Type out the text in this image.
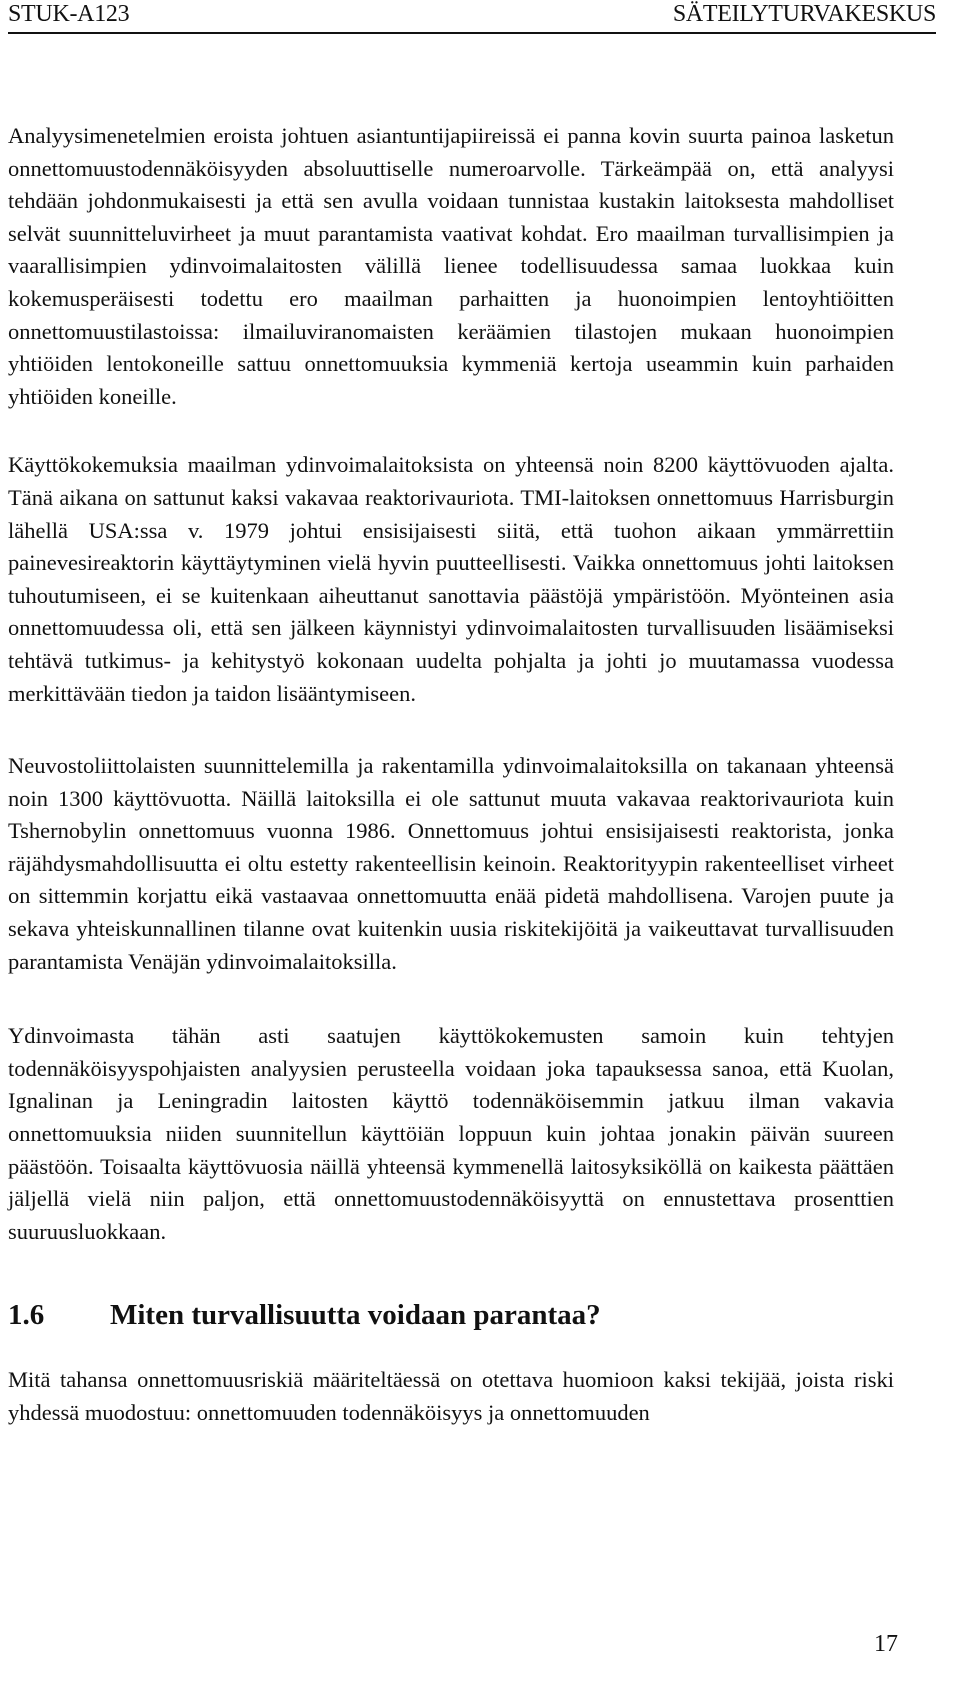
STUK-A123	SÄTEILYTURVAKESKUS

Analyysimenetelmien eroista johtuen asiantuntijapiireissä ei panna kovin suurta painoa lasketun onnettomuustodennäköisyyden absoluuttiselle numeroarvolle. Tärkeämpää on, että analyysi tehdään johdonmukaisesti ja että sen avulla voidaan tunnistaa kustakin laitoksesta mahdolliset selvät suunnitteluvirheet ja muut parantamista vaativat kohdat. Ero maailman turvallisimpien ja vaarallisimpien ydinvoimalaitosten välillä lienee todellisuudessa samaa luokkaa kuin kokemusperäisesti todettu ero maailman parhaitten ja huonoimpien lentoyhtiöitten onnettomuustilastoissa: ilmailuviranomaisten keräämien tilastojen mukaan huonoimpien yhtiöiden lentokoneille sattuu onnettomuuksia kymmeniä kertoja useammin kuin parhaiden yhtiöiden koneille.

Käyttökokemuksia maailman ydinvoimalaitoksista on yhteensä noin 8200 käyttövuoden ajalta. Tänä aikana on sattunut kaksi vakavaa reaktorivauriota. TMI-laitoksen onnettomuus Harrisburgin lähellä USA:ssa v. 1979 johtui ensisijaisesti siitä, että tuohon aikaan ymmärrettiin painevesireaktorin käyttäytyminen vielä hyvin puutteellisesti. Vaikka onnettomuus johti laitoksen tuhoutumiseen, ei se kuitenkaan aiheuttanut sanottavia päästöjä ympäristöön. Myönteinen asia onnettomuudessa oli, että sen jälkeen käynnistyi ydinvoimalaitosten turvallisuuden lisäämiseksi tehtävä tutkimus- ja kehitystyö kokonaan uudelta pohjalta ja johti jo muutamassa vuodessa merkittävään tiedon ja taidon lisääntymiseen.

Neuvostoliittolaisten suunnittelemilla ja rakentamilla ydinvoimalaitoksilla on takanaan yhteensä noin 1300 käyttövuotta. Näillä laitoksilla ei ole sattunut muuta vakavaa reaktorivauriota kuin Tshernobylin onnettomuus vuonna 1986. Onnettomuus johtui ensisijaisesti reaktorista, jonka räjähdysmahdollisuutta ei oltu estetty rakenteellisin keinoin. Reaktorityypin rakenteelliset virheet on sittemmin korjattu eikä vastaavaa onnettomuutta enää pidetä mahdollisena. Varojen puute ja sekava yhteiskunnallinen tilanne ovat kuitenkin uusia riskitekijöitä ja vaikeuttavat turvallisuuden parantamista Venäjän ydinvoimalaitoksilla.

Ydinvoimasta tähän asti saatujen käyttökokemusten samoin kuin tehtyjen todennäköisyyspohjaisten analyysien perusteella voidaan joka tapauksessa sanoa, että Kuolan, Ignalinan ja Leningradin laitosten käyttö todennäköisemmin jatkuu ilman vakavia onnettomuuksia niiden suunnitellun käyttöiän loppuun kuin johtaa jonakin päivän suureen päästöön. Toisaalta käyttövuosia näillä yhteensä kymmenellä laitosyksiköllä on kaikesta päättäen jäljellä vielä niin paljon, että onnettomuustodennäköisyyttä on ennustettava prosenttien suuruusluokkaan.

1.6	Miten turvallisuutta voidaan parantaa?

Mitä tahansa onnettomuusriskiä määriteltäessä on otettava huomioon kaksi tekijää, joista riski yhdessä muodostuu: onnettomuuden todennäköisyys ja onnettomuuden

17
